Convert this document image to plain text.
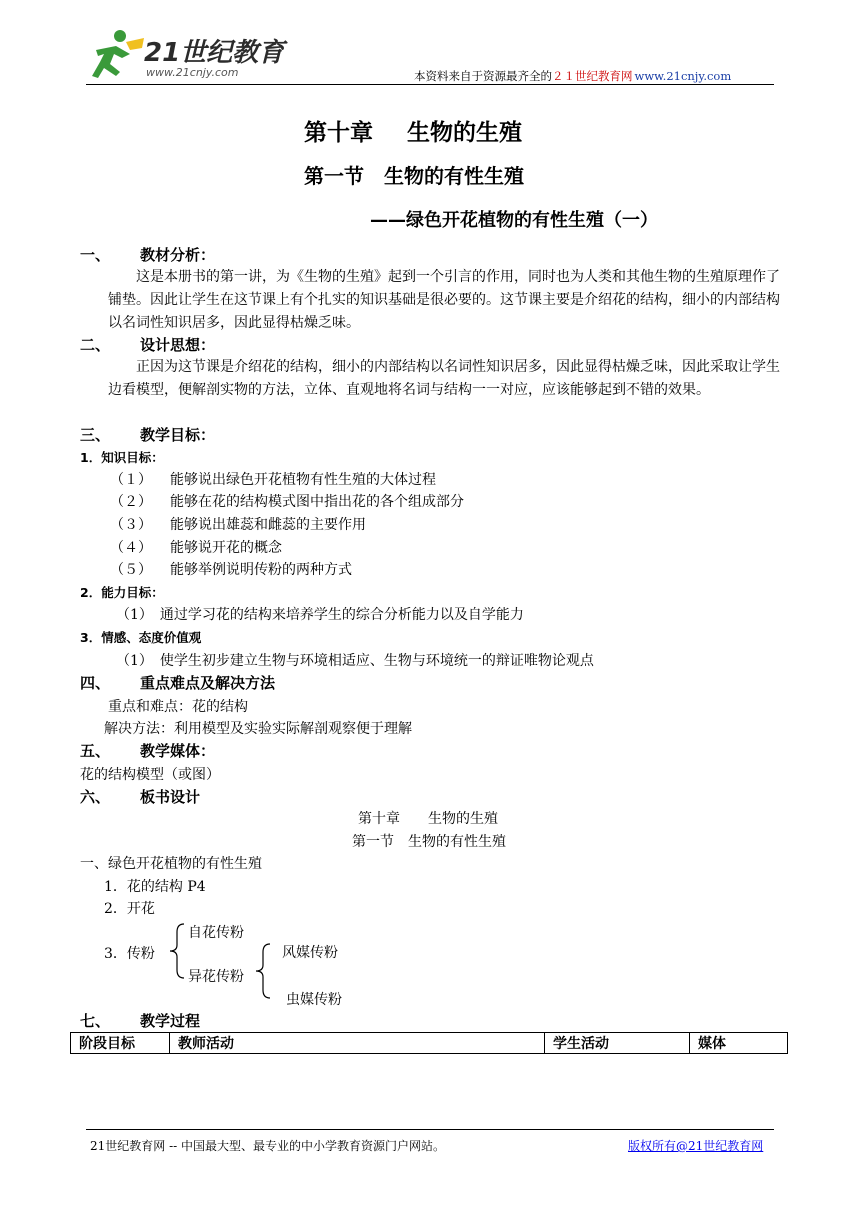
21世纪教育
www.21cnjy.com	本资料来自于资源最齐全的２１世纪教育网 www.21cnjy.com
第十章 生物的生殖
第一节 生物的有性生殖
——绿色开花植物的有性生殖（一）
一、 教材分析：
这是本册书的第一讲，为《生物的生殖》起到一个引言的作用，同时也为人类和其他生物的生殖原理作了铺垫。因此让学生在这节课上有个扎实的知识基础是很必要的。这节课主要是介绍花的结构，细小的内部结构以名词性知识居多，因此显得枯燥乏味。
二、 设计思想：
正因为这节课是介绍花的结构，细小的内部结构以名词性知识居多，因此显得枯燥乏味，因此采取让学生边看模型，便解剖实物的方法，立体、直观地将名词与结构一一对应，应该能够起到不错的效果。
三、 教学目标：
1．知识目标：
（１） 能够说出绿色开花植物有性生殖的大体过程
（２） 能够在花的结构模式图中指出花的各个组成部分
（３） 能够说出雄蕊和雌蕊的主要作用
（４） 能够说开花的概念
（５） 能够举例说明传粉的两种方式
2．能力目标：
（1）　通过学习花的结构来培养学生的综合分析能力以及自学能力
3．情感、态度价值观
（1）　使学生初步建立生物与环境相适应、生物与环境统一的辩证唯物论观点
四、 重点难点及解决方法
重点和难点：花的结构
解决方法：利用模型及实验实际解剖观察便于理解
五、 教学媒体：
花的结构模型（或图）
六、 板书设计
第十章　　生物的生殖
第一节　生物的有性生殖
一、绿色开花植物的有性生殖
1．花的结构 P4
2．开花
3．传粉
自花传粉
异花传粉
风媒传粉
虫媒传粉
七、 教学过程
阶段目标	教师活动	学生活动	媒体
21世纪教育网 -- 中国最大型、最专业的中小学教育资源门户网站。	版权所有@21世纪教育网
